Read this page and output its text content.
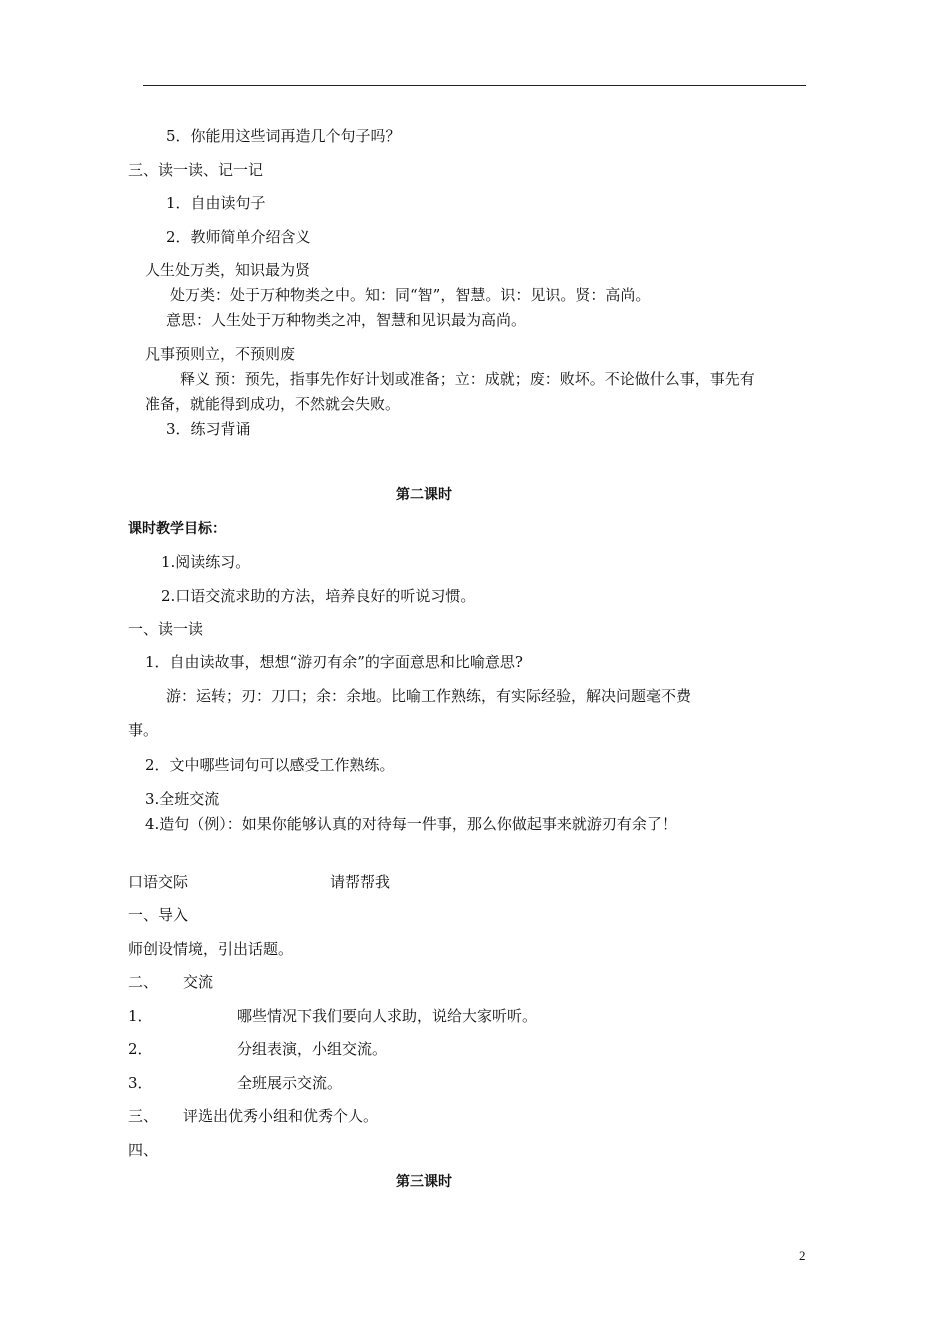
5．你能用这些词再造几个句子吗？
三、读一读、记一记
1．自由读句子
2．教师简单介绍含义
人生处万类，知识最为贤
处万类：处于万种物类之中。知：同“智”，智慧。识：见识。贤：高尚。
意思：人生处于万种物类之冲，智慧和见识最为高尚。
凡事预则立，不预则废
释义 预：预先，指事先作好计划或准备；立：成就；废：败坏。不论做什么事，事先有
准备，就能得到成功，不然就会失败。
3．练习背诵
第二课时
课时教学目标：
1.阅读练习。
2.口语交流求助的方法，培养良好的听说习惯。
一、读一读
1．自由读故事，想想“游刃有余”的字面意思和比喻意思?
游：运转；刃：刀口；余：余地。比喻工作熟练，有实际经验，解决问题毫不费
事。
2．文中哪些词句可以感受工作熟练。
3.全班交流
4.造句（例）：如果你能够认真的对待每一件事，那么你做起事来就游刃有余了！
口语交际	请帮帮我
一、导入
师创设情境，引出话题。
二、 交流
1．	哪些情况下我们要向人求助，说给大家听听。
2．	分组表演，小组交流。
3．	全班展示交流。
三、 评选出优秀小组和优秀个人。
四、
第三课时
2
